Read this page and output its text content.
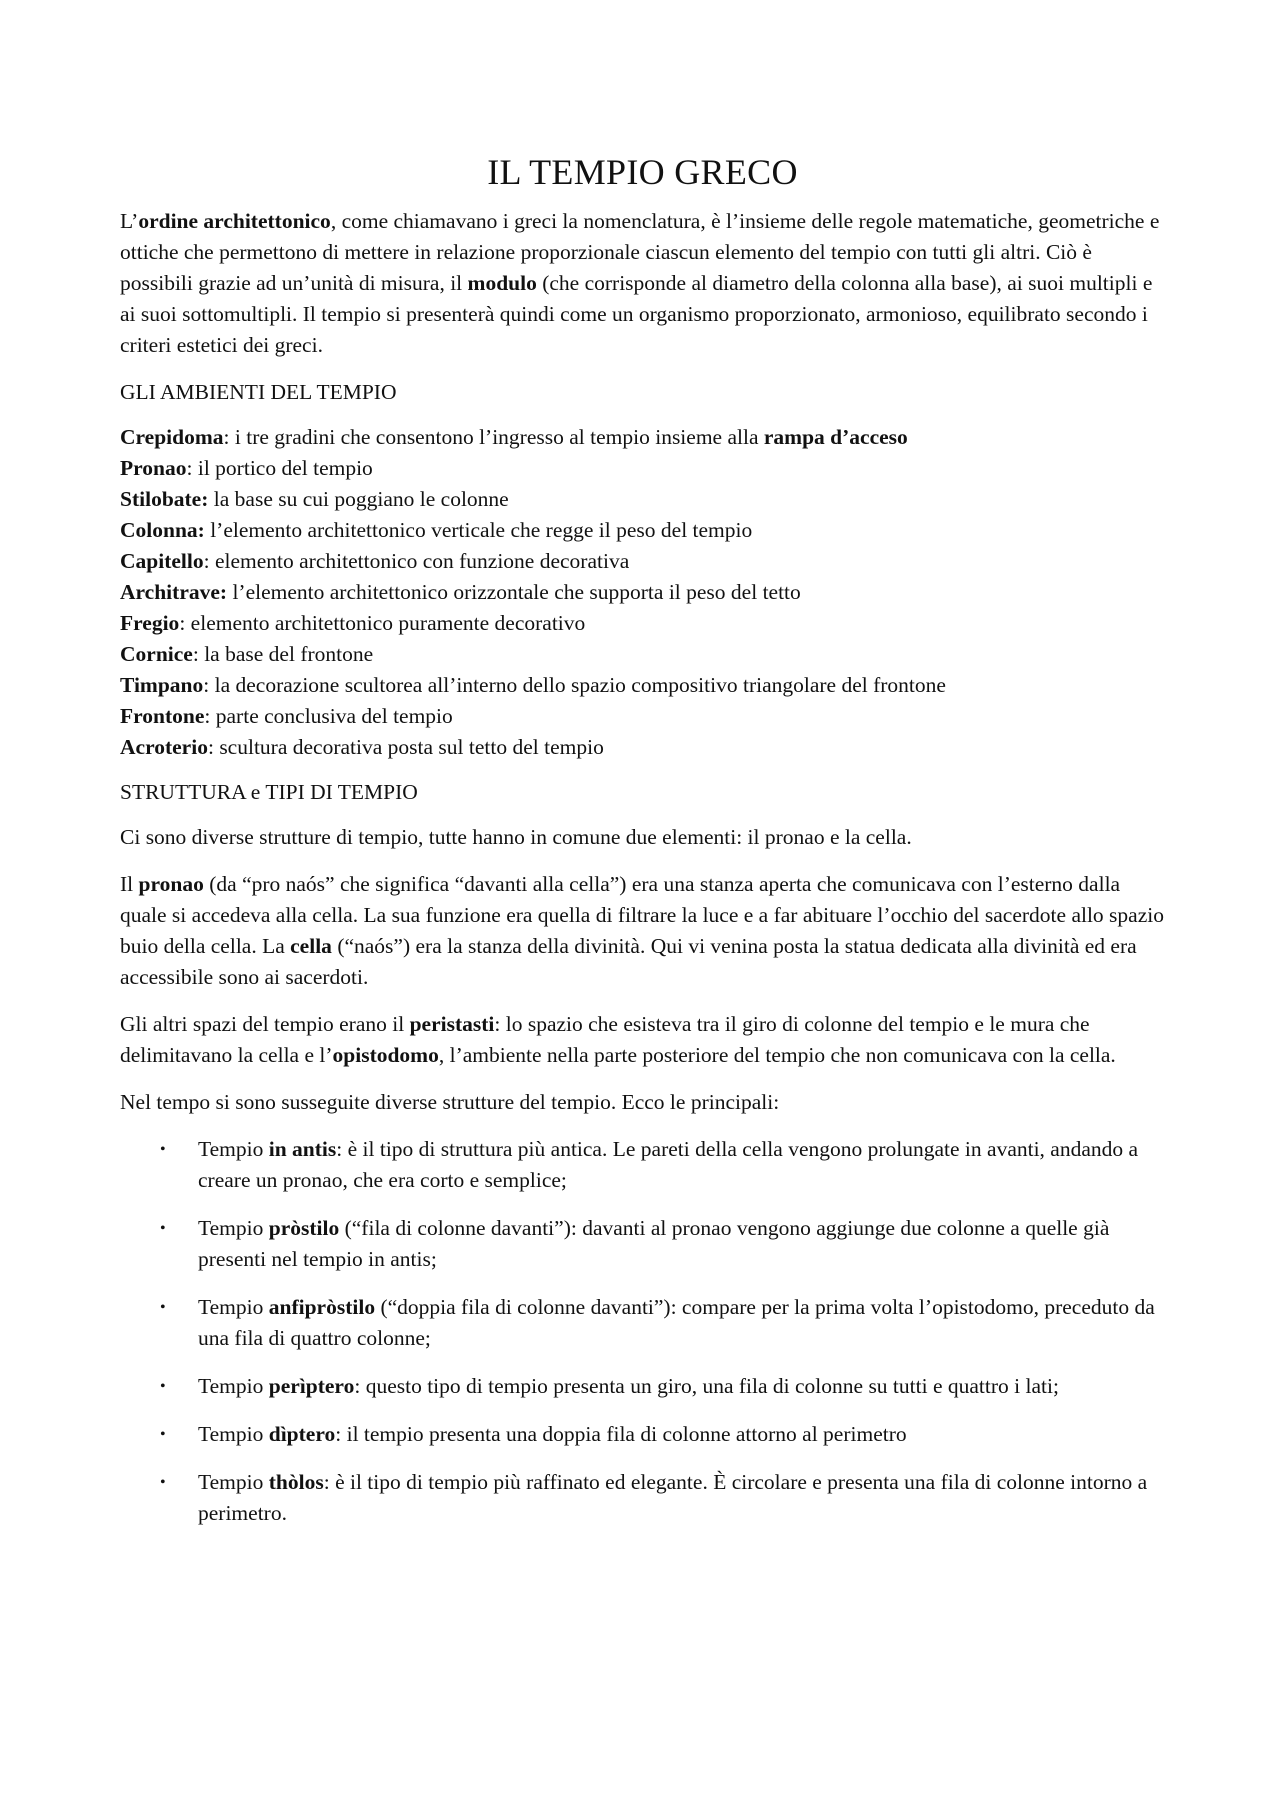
IL TEMPIO GRECO

L’ordine architettonico, come chiamavano i greci la nomenclatura, è l’insieme delle regole matematiche, geometriche e ottiche che permettono di mettere in relazione proporzionale ciascun elemento del tempio con tutti gli altri. Ciò è possibili grazie ad un’unità di misura, il modulo (che corrisponde al diametro della colonna alla base), ai suoi multipli e ai suoi sottomultipli. Il tempio si presenterà quindi come un organismo proporzionato, armonioso, equilibrato secondo i criteri estetici dei greci.

GLI AMBIENTI DEL TEMPIO

Crepidoma: i tre gradini che consentono l’ingresso al tempio insieme alla rampa d’acceso
Pronao: il portico del tempio
Stilobate: la base su cui poggiano le colonne
Colonna: l’elemento architettonico verticale che regge il peso del tempio
Capitello: elemento architettonico con funzione decorativa
Architrave: l’elemento architettonico orizzontale che supporta il peso del tetto
Fregio: elemento architettonico puramente decorativo
Cornice: la base del frontone
Timpano: la decorazione scultorea all’interno dello spazio compositivo triangolare del frontone
Frontone: parte conclusiva del tempio
Acroterio: scultura decorativa posta sul tetto del tempio

STRUTTURA e TIPI DI TEMPIO

Ci sono diverse strutture di tempio, tutte hanno in comune due elementi: il pronao e la cella.

Il pronao (da “pro naós” che significa “davanti alla cella”) era una stanza aperta che comunicava con l’esterno dalla quale si accedeva alla cella. La sua funzione era quella di filtrare la luce e a far abituare l’occhio del sacerdote allo spazio buio della cella. La cella (“naós”) era la stanza della divinità. Qui vi venina posta la statua dedicata alla divinità ed era accessibile sono ai sacerdoti.

Gli altri spazi del tempio erano il peristasti: lo spazio che esisteva tra il giro di colonne del tempio e le mura che delimitavano la cella e l’opistodomo, l’ambiente nella parte posteriore del tempio che non comunicava con la cella.

Nel tempo si sono susseguite diverse strutture del tempio. Ecco le principali:

• Tempio in antis: è il tipo di struttura più antica. Le pareti della cella vengono prolungate in avanti, andando a creare un pronao, che era corto e semplice;
• Tempio pròstilo (“fila di colonne davanti”): davanti al pronao vengono aggiunge due colonne a quelle già presenti nel tempio in antis;
• Tempio anfipròstilo (“doppia fila di colonne davanti”): compare per la prima volta l’opistodomo, preceduto da una fila di quattro colonne;
• Tempio perìptero: questo tipo di tempio presenta un giro, una fila di colonne su tutti e quattro i lati;
• Tempio dìptero: il tempio presenta una doppia fila di colonne attorno al perimetro
• Tempio thòlos: è il tipo di tempio più raffinato ed elegante. È circolare e presenta una fila di colonne intorno a perimetro.
